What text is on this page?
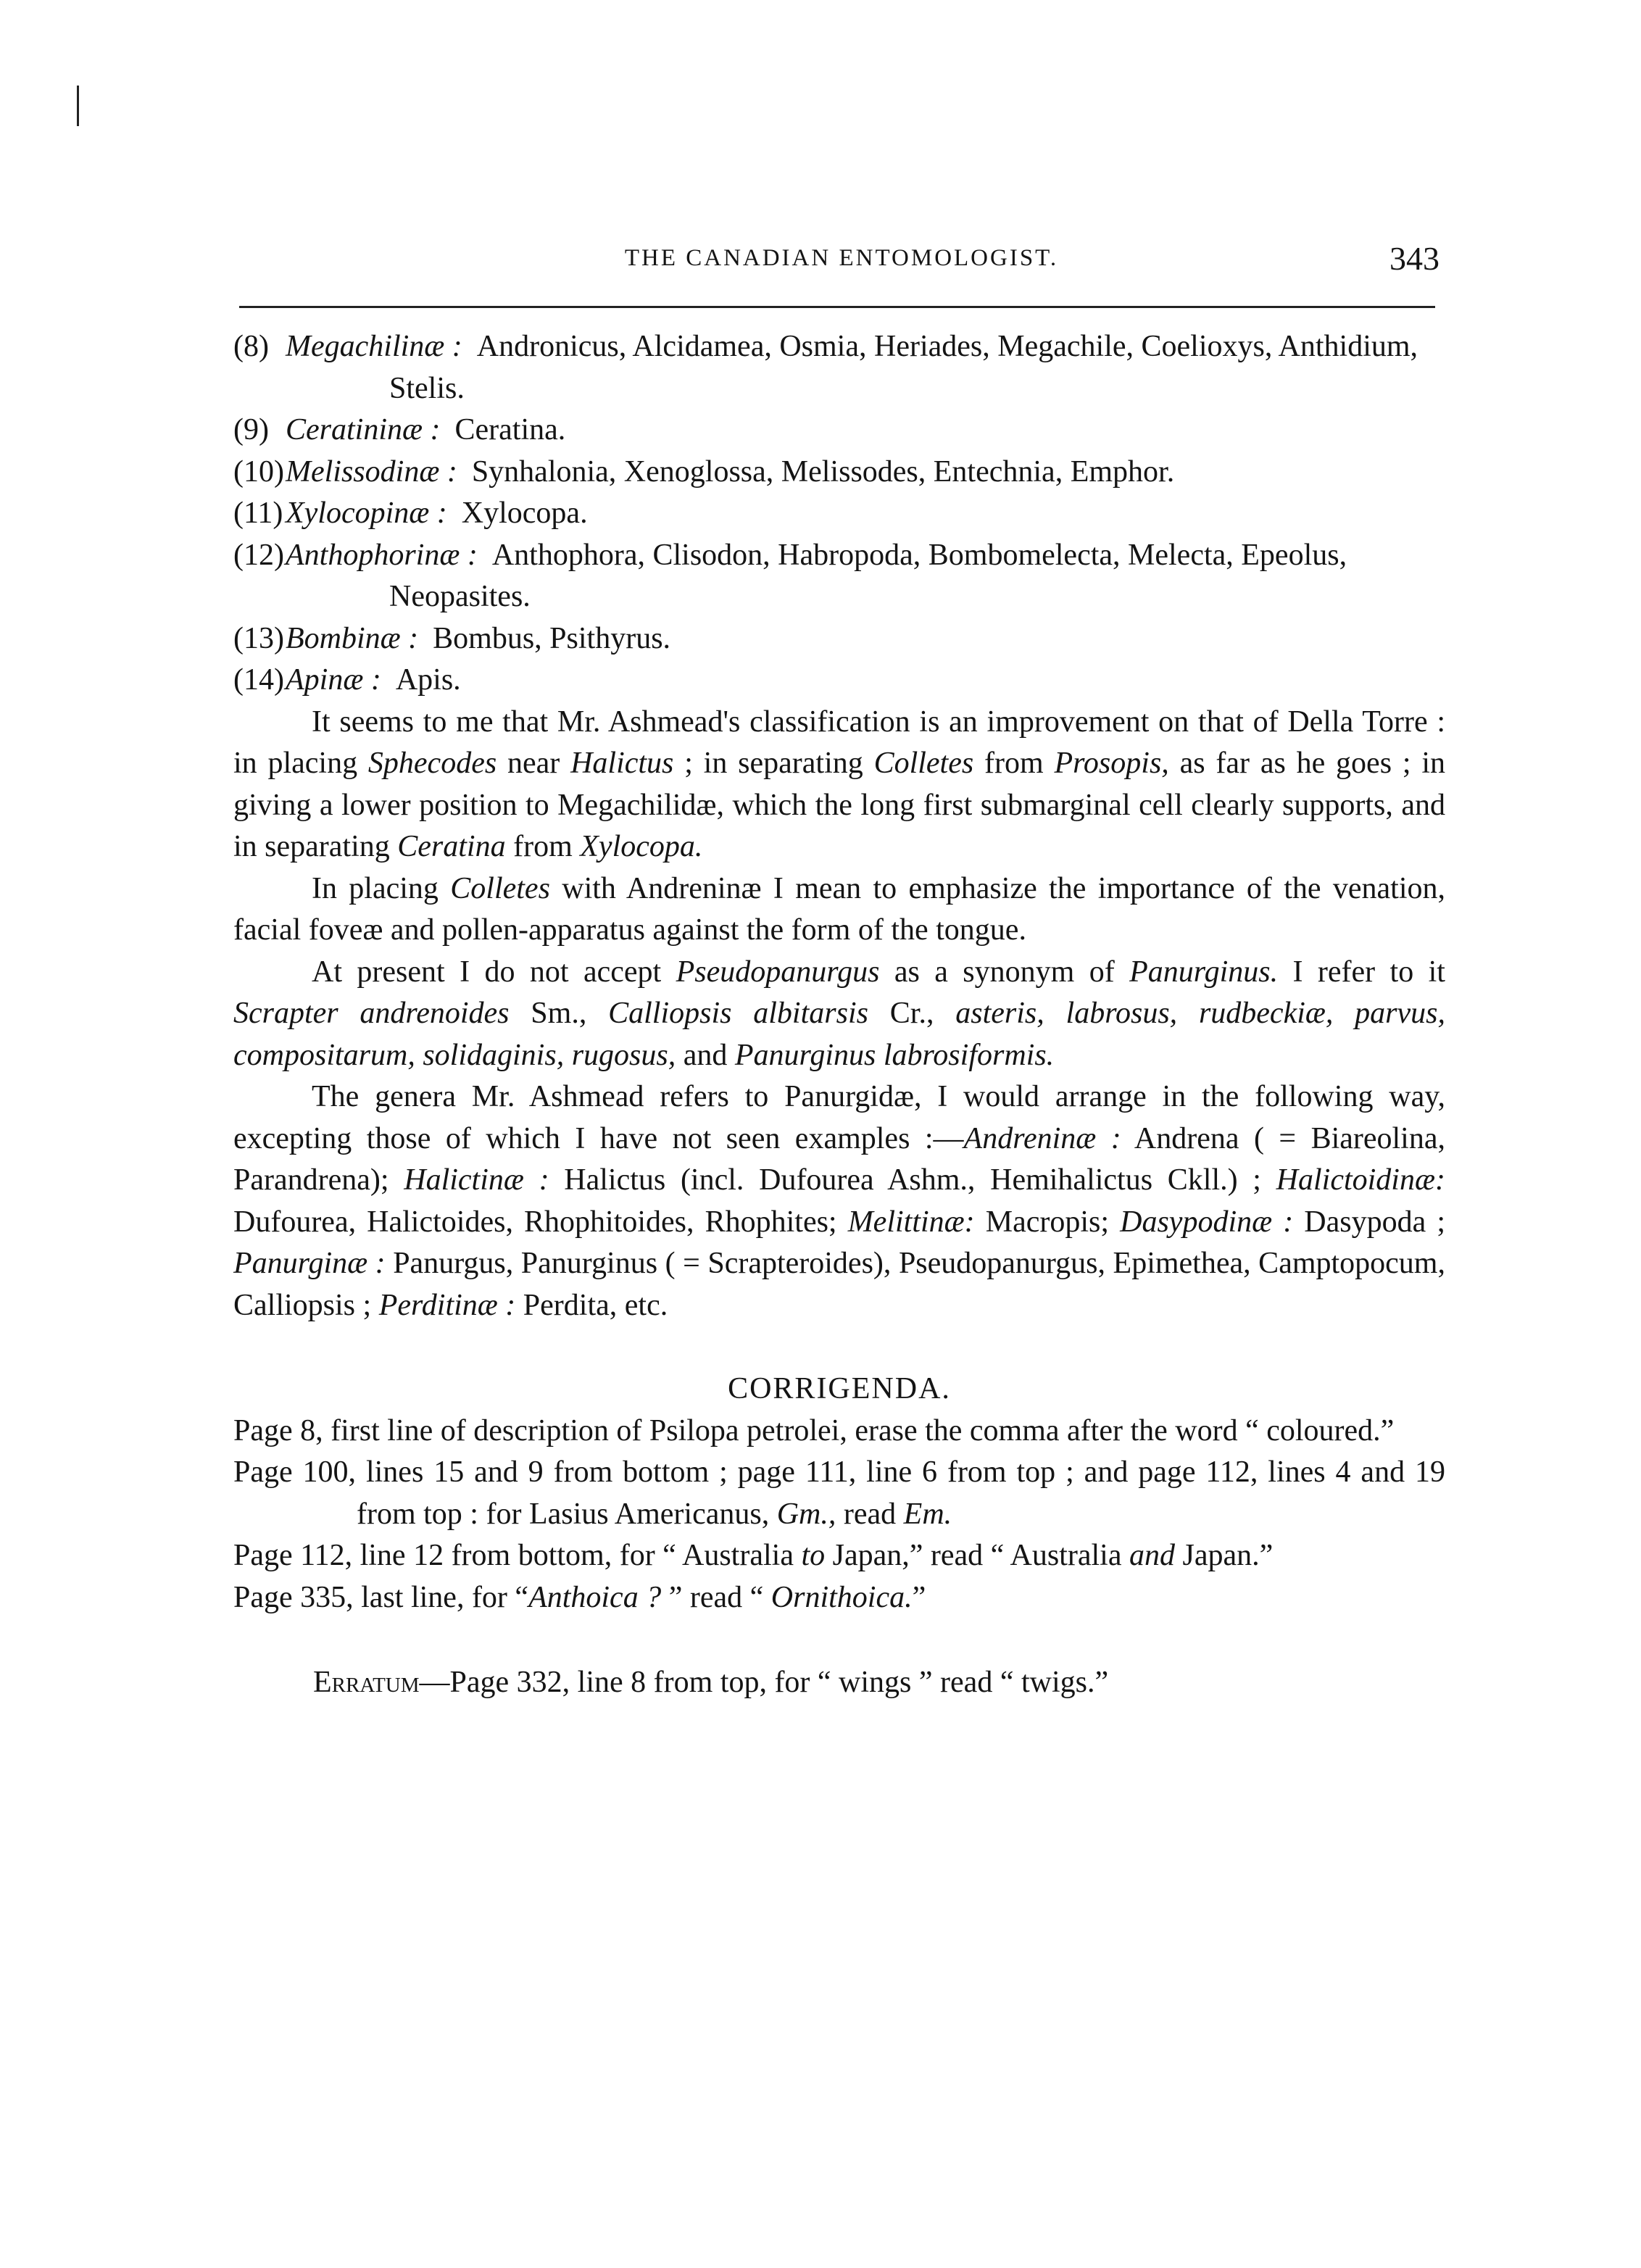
THE CANADIAN ENTOMOLOGIST.	343
(8) Megachilinæ : Andronicus, Alcidamea, Osmia, Heriades, Megachile, Coelioxys, Anthidium, Stelis.
(9) Ceratininæ : Ceratina.
(10)Melissodinæ : Synhalonia, Xenoglossa, Melissodes, Entechnia, Emphor.
(11)Xylocopinæ : Xylocopa.
(12)Anthophorinæ : Anthophora, Clisodon, Habropoda, Bombomelecta, Melecta, Epeolus, Neopasites.
(13)Bombinæ : Bombus, Psithyrus.
(14)Apinæ : Apis.

It seems to me that Mr. Ashmead's classification is an improvement on that of Della Torre : in placing Sphecodes near Halictus ; in separating Colletes from Prosopis, as far as he goes ; in giving a lower position to Megachilidæ, which the long first submarginal cell clearly supports, and in separating Ceratina from Xylocopa.

In placing Colletes with Andreninæ I mean to emphasize the importance of the venation, facial foveæ and pollen-apparatus against the form of the tongue.

At present I do not accept Pseudopanurgus as a synonym of Panurginus. I refer to it Scrapter andrenoides Sm., Calliopsis albitarsis Cr., asteris, labrosus, rudbeckiæ, parvus, compositarum, solidaginis, rugosus, and Panurginus labrosiformis.

The genera Mr. Ashmead refers to Panurgidæ, I would arrange in the following way, excepting those of which I have not seen examples :—Andreninæ : Andrena ( = Biareolina, Parandrena); Halictinæ : Halictus (incl. Dufourea Ashm., Hemihalictus Ckll.) ; Halictoidinæ: Dufourea, Halictoides, Rhophitoides, Rhophites; Melittinæ: Macropis; Dasypodinæ : Dasypoda ; Panurginæ : Panurgus, Panurginus ( = Scrapteroides), Pseudopanurgus, Epimethea, Camptopocum, Calliopsis ; Perditinæ : Perdita, etc.

CORRIGENDA.
Page 8, first line of description of Psilopa petrolei, erase the comma after the word “ coloured.”
Page 100, lines 15 and 9 from bottom ; page 111, line 6 from top ; and page 112, lines 4 and 19 from top : for Lasius Americanus, Gm., read Em.
Page 112, line 12 from bottom, for “ Australia to Japan,” read “ Australia and Japan.”
Page 335, last line, for “Anthoica ? ” read “ Ornithoica.”
Erratum—Page 332, line 8 from top, for “ wings ” read “ twigs.”
